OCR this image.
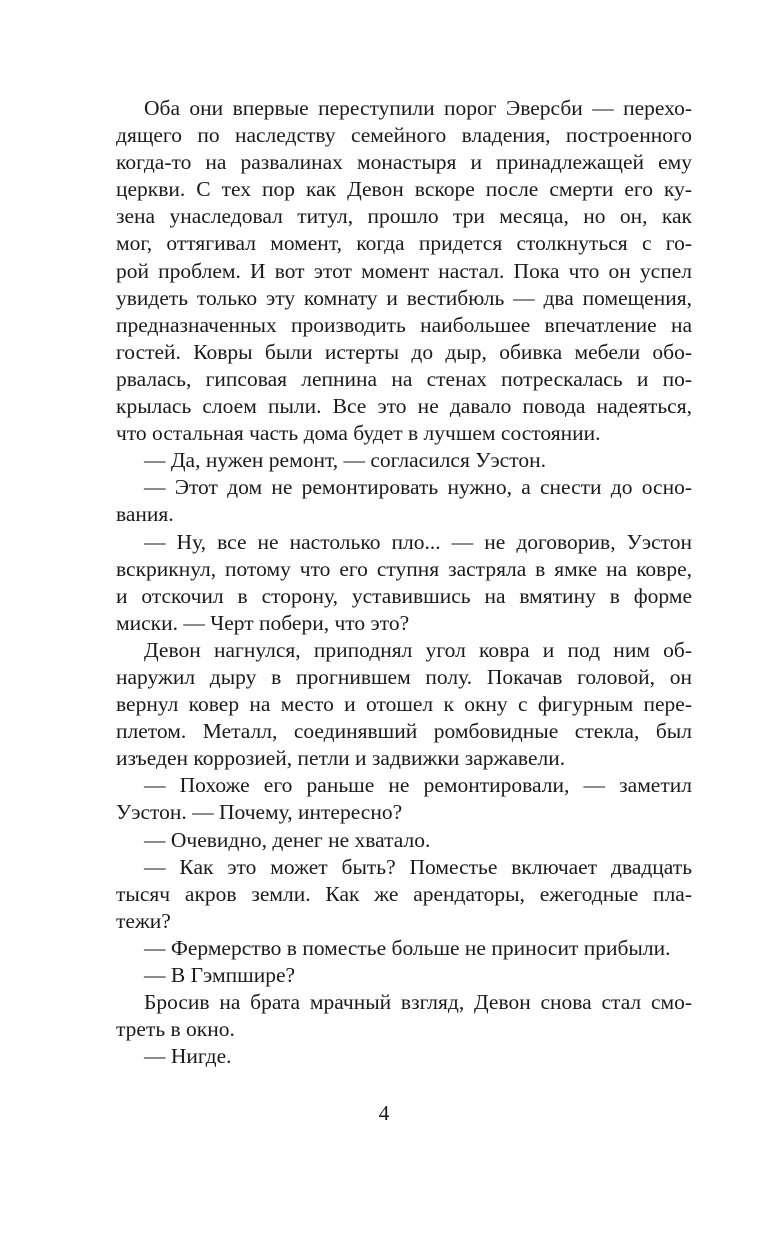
Оба они впервые переступили порог Эверсби — перехо-
дящего по наследству семейного владения, построенного
когда-то на развалинах монастыря и принадлежащей ему
церкви. С тех пор как Девон вскоре после смерти его ку-
зена унаследовал титул, прошло три месяца, но он, как
мог, оттягивал момент, когда придется столкнуться с го-
рой проблем. И вот этот момент настал. Пока что он успел
увидеть только эту комнату и вестибюль — два помещения,
предназначенных производить наибольшее впечатление на
гостей. Ковры были истерты до дыр, обивка мебели обо-
рвалась, гипсовая лепнина на стенах потрескалась и по-
крылась слоем пыли. Все это не давало повода надеяться,
что остальная часть дома будет в лучшем состоянии.
— Да, нужен ремонт, — согласился Уэстон.
— Этот дом не ремонтировать нужно, а снести до осно-
вания.
— Ну, все не настолько пло... — не договорив, Уэстон
вскрикнул, потому что его ступня застряла в ямке на ковре,
и отскочил в сторону, уставившись на вмятину в форме
миски. — Черт побери, что это?
Девон нагнулся, приподнял угол ковра и под ним об-
наружил дыру в прогнившем полу. Покачав головой, он
вернул ковер на место и отошел к окну с фигурным пере-
плетом. Металл, соединявший ромбовидные стекла, был
изъеден коррозией, петли и задвижки заржавели.
— Похоже его раньше не ремонтировали, — заметил
Уэстон. — Почему, интересно?
— Очевидно, денег не хватало.
— Как это может быть? Поместье включает двадцать
тысяч акров земли. Как же арендаторы, ежегодные пла-
тежи?
— Фермерство в поместье больше не приносит прибыли.
— В Гэмпшире?
Бросив на брата мрачный взгляд, Девон снова стал смо-
треть в окно.
— Нигде.
4
